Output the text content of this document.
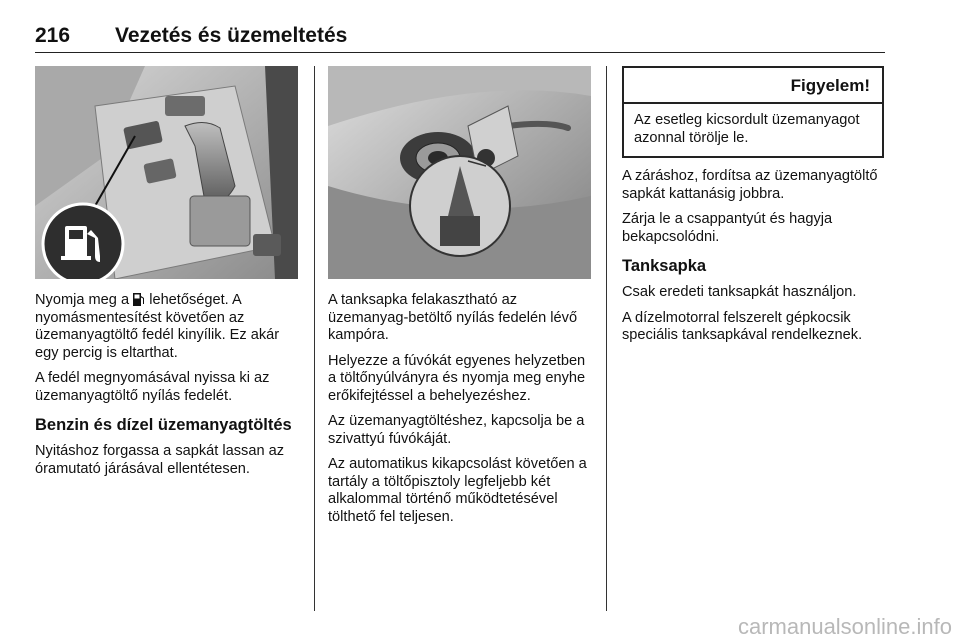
216 Vezetés és üzemeltetés

Nyomja meg a  lehetőséget. A nyomásmentesítést követően az üzemanyagtöltő fedél kinyílik. Ez akár egy percig is eltarthat.

A fedél megnyomásával nyissa ki az üzemanyagtöltő nyílás fedelét.

Benzin és dízel üzemanyagtöltés

Nyitáshoz forgassa a sapkát lassan az óramutató járásával ellentétesen.

A tanksapka felakasztható az üzemanyag-betöltő nyílás fedelén lévő kampóra.

Helyezze a fúvókát egyenes helyzetben a töltőnyúlványra és nyomja meg enyhe erőkifejtéssel a behelyezéshez.

Az üzemanyagtöltéshez, kapcsolja be a szivattyú fúvókáját.

Az automatikus kikapcsolást követően a tartály a töltőpisztoly legfeljebb két alkalommal történő működtetésével tölthető fel teljesen.

Figyelem!
Az esetleg kicsordult üzemanyagot azonnal törölje le.

A záráshoz, fordítsa az üzemanyagtöltő sapkát kattanásig jobbra.

Zárja le a csappantyút és hagyja bekapcsolódni.

Tanksapka

Csak eredeti tanksapkát használjon.

A dízelmotorral felszerelt gépkocsik speciális tanksapkával rendelkeznek.

carmanualsonline.info
